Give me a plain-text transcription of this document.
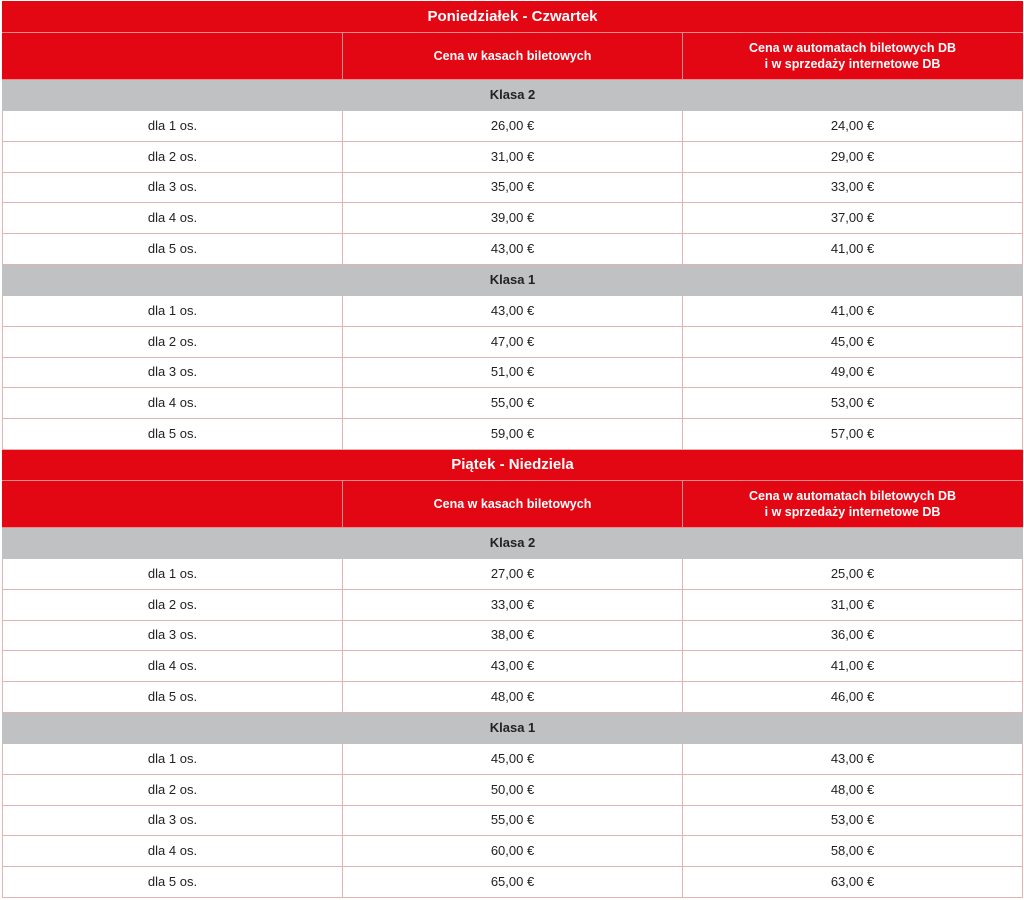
Poniedziałek - Czwartek		
	Cena w kasach biletowych	Cena w automatach biletowych DB
i w sprzedaży internetowe DB
Klasa 2		
dla 1 os.	26,00 €	24,00 €
dla 2 os.	31,00 €	29,00 €
dla 3 os.	35,00 €	33,00 €
dla 4 os.	39,00 €	37,00 €
dla 5 os.	43,00 €	41,00 €
Klasa 1		
dla 1 os.	43,00 €	41,00 €
dla 2 os.	47,00 €	45,00 €
dla 3 os.	51,00 €	49,00 €
dla 4 os.	55,00 €	53,00 €
dla 5 os.	59,00 €	57,00 €
Piątek - Niedziela		
	Cena w kasach biletowych	Cena w automatach biletowych DB
i w sprzedaży internetowe DB
Klasa 2		
dla 1 os.	27,00 €	25,00 €
dla 2 os.	33,00 €	31,00 €
dla 3 os.	38,00 €	36,00 €
dla 4 os.	43,00 €	41,00 €
dla 5 os.	48,00 €	46,00 €
Klasa 1		
dla 1 os.	45,00 €	43,00 €
dla 2 os.	50,00 €	48,00 €
dla 3 os.	55,00 €	53,00 €
dla 4 os.	60,00 €	58,00 €
dla 5 os.	65,00 €	63,00 €
